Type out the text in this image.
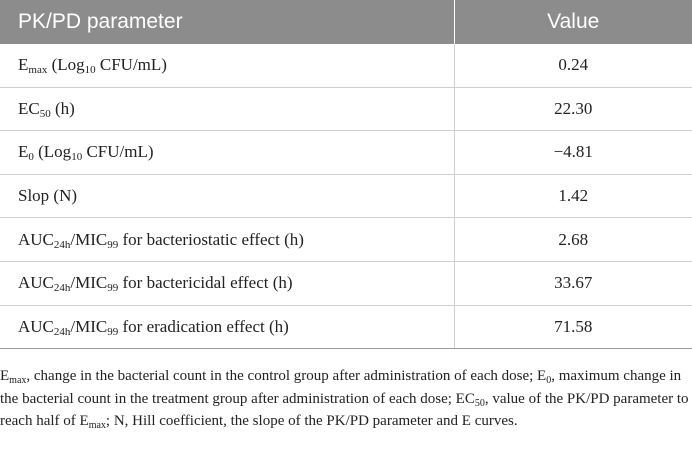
PK/PD parameter	Value
$E_{max}$ (Log$_{10}$ CFU/mL)	0.24
$EC_{50}$ (h)	22.30
$E_0$ (Log$_{10}$ CFU/mL)	−4.81
Slop (N)	1.42
$AUC_{24h}/MIC_{99}$ for bacteriostatic effect (h)	2.68
$AUC_{24h}/MIC_{99}$ for bactericidal effect (h)	33.67
$AUC_{24h}/MIC_{99}$ for eradication effect (h)	71.58
$E_{max}$, change in the bacterial count in the control group after administration of each dose; $E_0$, maximum change in the bacterial count in the treatment group after administration of each dose; $EC_{50}$, value of the PK/PD parameter to reach half of $E_{max}$; N, Hill coefficient, the slope of the PK/PD parameter and E curves.
